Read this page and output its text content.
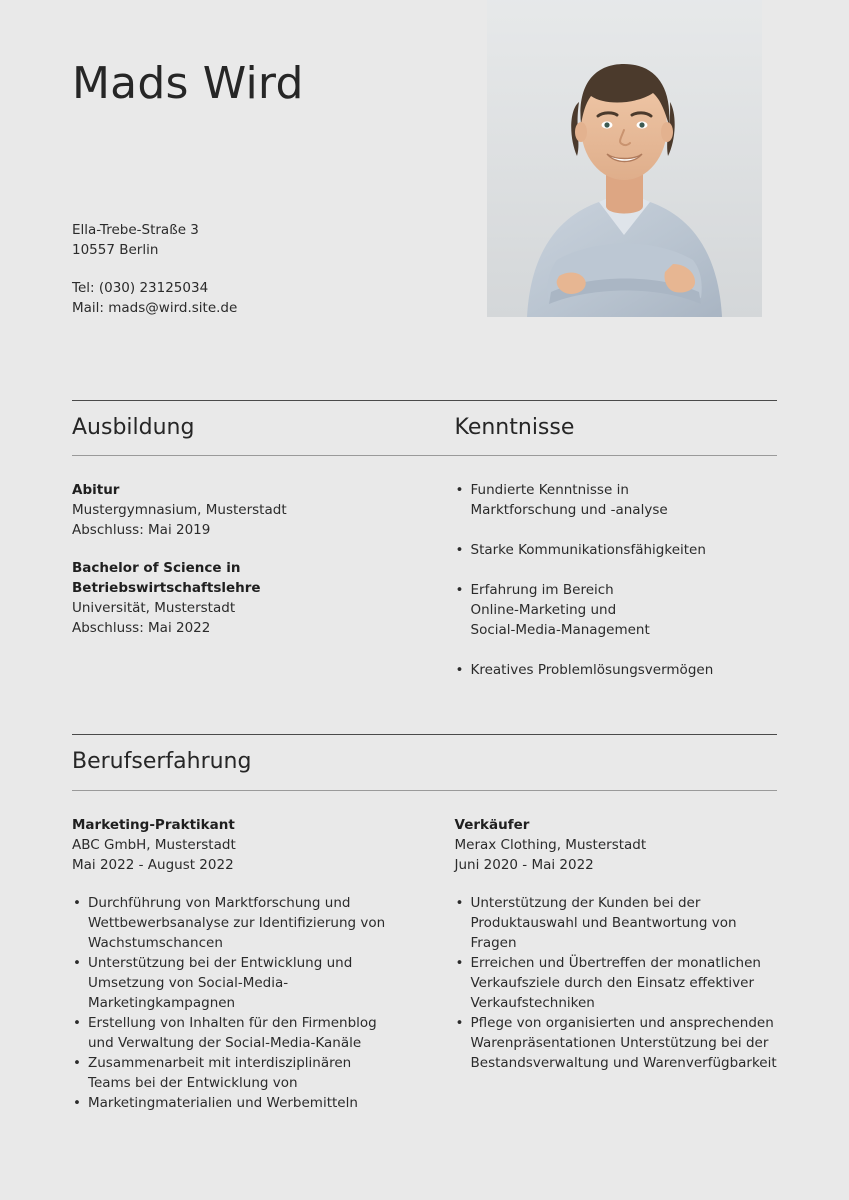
Mads Wird
Ella-Trebe-Straße 3
10557 Berlin
Tel: (030) 23125034
Mail: mads@wird.site.de
Ausbildung	Kenntnisse
Abitur
Mustergymnasium, Musterstadt
Abschluss: Mai 2019
Bachelor of Science in Betriebswirtschaftslehre
Universität, Musterstadt
Abschluss: Mai 2022
• Fundierte Kenntnisse in
Marktforschung und -analyse
• Starke Kommunikationsfähigkeiten
• Erfahrung im Bereich
Online-Marketing und
Social-Media-Management
• Kreatives Problemlösungsvermögen
Berufserfahrung
Marketing-Praktikant
ABC GmbH, Musterstadt
Mai 2022 - August 2022
• Durchführung von Marktforschung und
Wettbewerbsanalyse zur Identifizierung von
Wachstumschancen
• Unterstützung bei der Entwicklung und
Umsetzung von Social-Media-
Marketingkampagnen
• Erstellung von Inhalten für den Firmenblog
und Verwaltung der Social-Media-Kanäle
• Zusammenarbeit mit interdisziplinären
Teams bei der Entwicklung von
• Marketingmaterialien und Werbemitteln
Verkäufer
Merax Clothing, Musterstadt
Juni 2020 - Mai 2022
• Unterstützung der Kunden bei der
Produktauswahl und Beantwortung von
Fragen
• Erreichen und Übertreffen der monatlichen
Verkaufsziele durch den Einsatz effektiver
Verkaufstechniken
• Pflege von organisierten und ansprechenden
Warenpräsentationen Unterstützung bei der
Bestandsverwaltung und Warenverfügbarkeit
